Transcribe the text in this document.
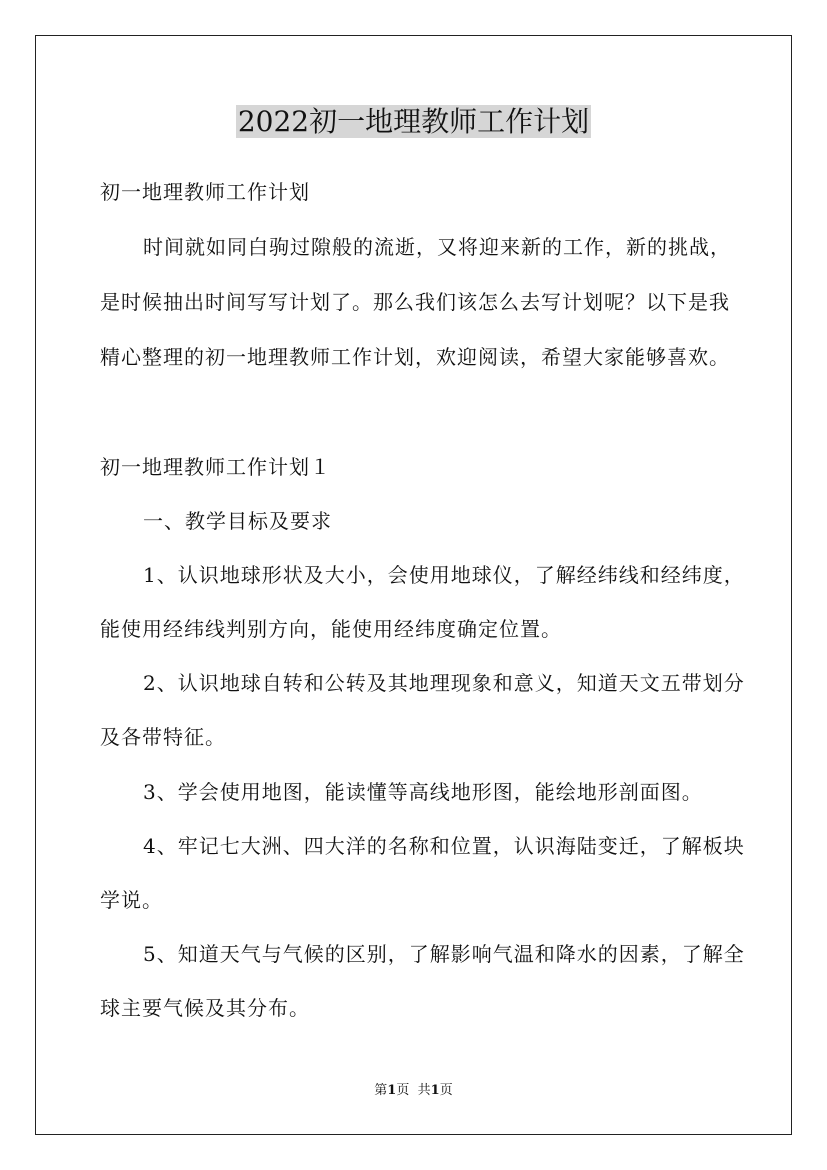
2022初一地理教师工作计划
初一地理教师工作计划
时间就如同白驹过隙般的流逝，又将迎来新的工作，新的挑战，
是时候抽出时间写写计划了。那么我们该怎么去写计划呢？以下是我
精心整理的初一地理教师工作计划，欢迎阅读，希望大家能够喜欢。
初一地理教师工作计划１
一、教学目标及要求
1、认识地球形状及大小，会使用地球仪，了解经纬线和经纬度，
能使用经纬线判别方向，能使用经纬度确定位置。
2、认识地球自转和公转及其地理现象和意义，知道天文五带划分
及各带特征。
3、学会使用地图，能读懂等高线地形图，能绘地形剖面图。
4、牢记七大洲、四大洋的名称和位置，认识海陆变迁，了解板块
学说。
5、知道天气与气候的区别，了解影响气温和降水的因素，了解全
球主要气候及其分布。
第1页 共1页
